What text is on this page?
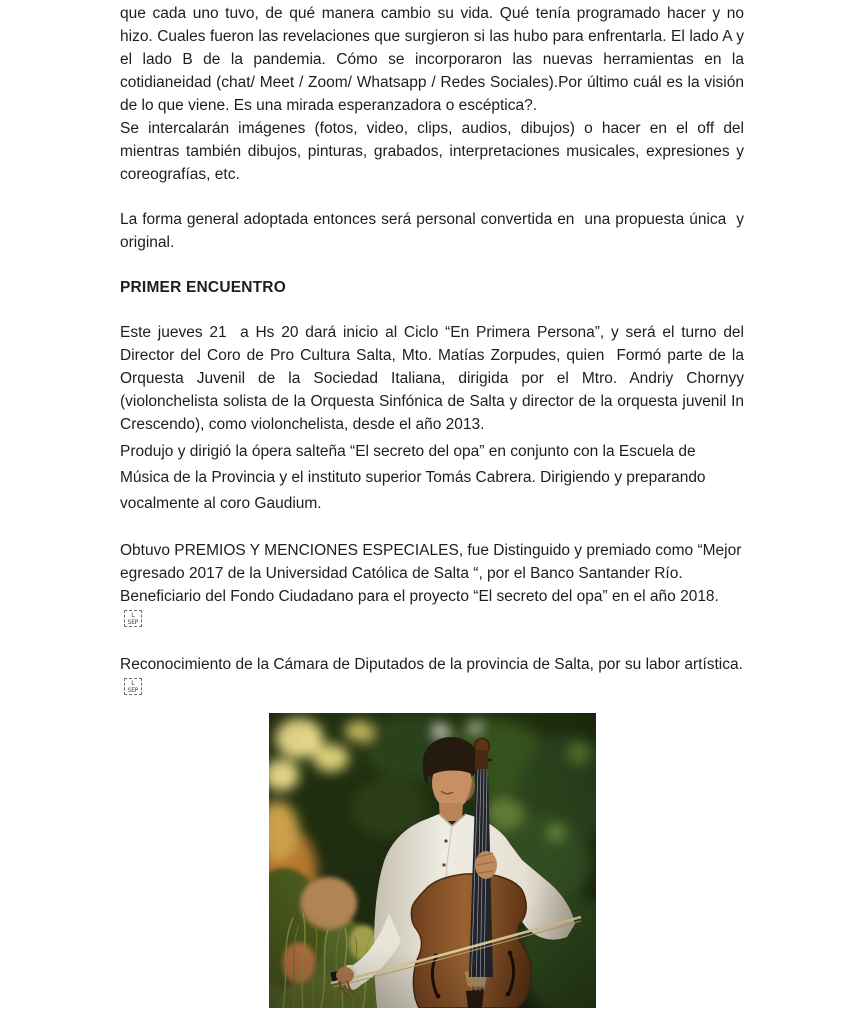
que cada uno tuvo, de qué manera cambio su vida. Qué tenía programado hacer y no hizo. Cuales fueron las revelaciones que surgieron si las hubo para enfrentarla. El lado A y el lado B de la pandemia. Cómo se incorporaron las nuevas herramientas en la cotidianeidad (chat/ Meet / Zoom/ Whatsapp / Redes Sociales).Por último cuál es la visión de lo que viene. Es una mirada esperanzadora o escéptica?.

Se intercalarán imágenes (fotos, video, clips, audios, dibujos) o hacer en el off del mientras también dibujos, pinturas, grabados, interpretaciones musicales, expresiones y coreografías, etc.

La forma general adoptada entonces será personal convertida en  una propuesta única  y original.

PRIMER ENCUENTRO

Este jueves 21  a Hs 20 dará inicio al Ciclo “En Primera Persona”, y será el turno del Director del Coro de Pro Cultura Salta, Mto. Matías Zorpudes, quien  Formó parte de la Orquesta Juvenil de la Sociedad Italiana, dirigida por el Mtro. Andriy Chornyy (violonchelista solista de la Orquesta Sinfónica de Salta y director de la orquesta juvenil In Crescendo), como violonchelista, desde el año 2013.

Produjo y dirigió la ópera salteña “El secreto del opa” en conjunto con la Escuela de Música de la Provincia y el instituto superior Tomás Cabrera. Dirigiendo y preparando vocalmente al coro Gaudium.

Obtuvo PREMIOS Y MENCIONES ESPECIALES, fue Distinguido y premiado como “Mejor egresado 2017 de la Universidad Católica de Salta “, por el Banco Santander Río. Beneficiario del Fondo Ciudadano para el proyecto “El secreto del opa” en el año 2018.
L
SEP

Reconocimiento de la Cámara de Diputados de la provincia de Salta, por su labor artística.
L
SEP
